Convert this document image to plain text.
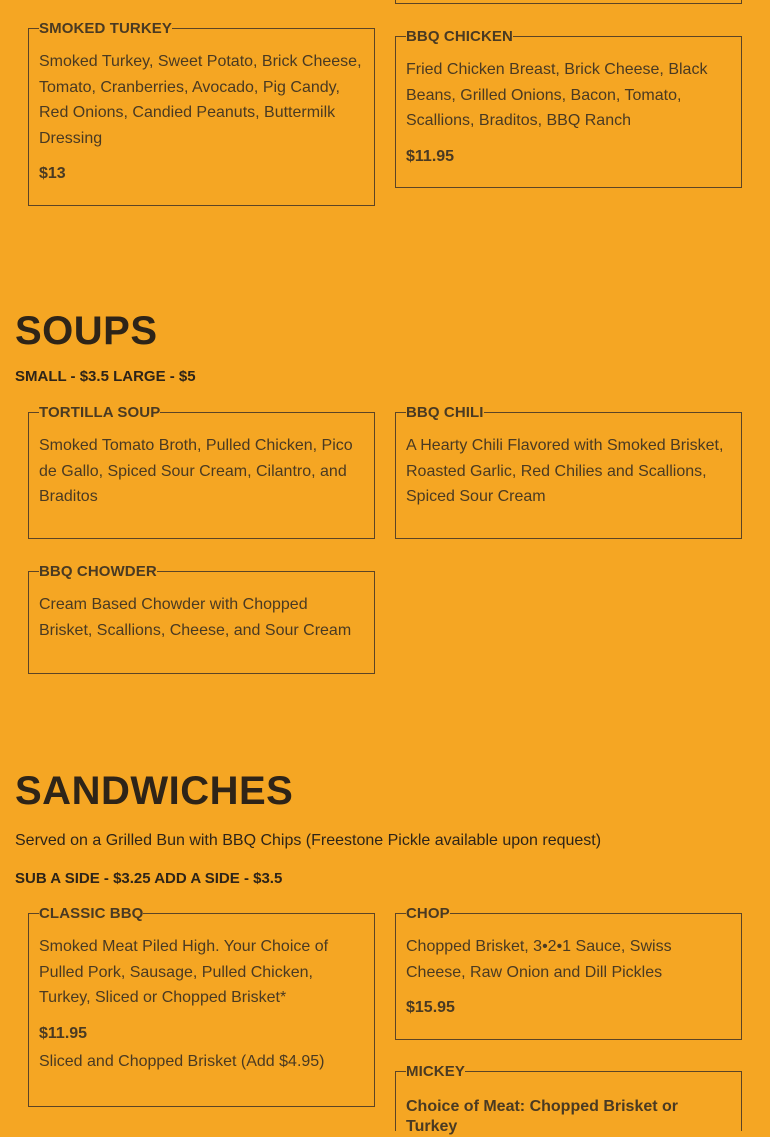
SMOKED TURKEY

Smoked Turkey, Sweet Potato, Brick Cheese, Tomato, Cranberries, Avocado, Pig Candy, Red Onions, Candied Peanuts, Buttermilk Dressing

$13
BBQ CHICKEN

Fried Chicken Breast, Brick Cheese, Black Beans, Grilled Onions, Bacon, Tomato, Scallions, Braditos, BBQ Ranch

$11.95
SOUPS
SMALL - $3.5 LARGE - $5
TORTILLA SOUP

Smoked Tomato Broth, Pulled Chicken, Pico de Gallo, Spiced Sour Cream, Cilantro, and Braditos

BBQ CHILI

A Hearty Chili Flavored with Smoked Brisket, Roasted Garlic, Red Chilies and Scallions, Spiced Sour Cream

BBQ CHOWDER

Cream Based Chowder with Chopped Brisket, Scallions, Cheese, and Sour Cream

SANDWICHES
Served on a Grilled Bun with BBQ Chips (Freestone Pickle available upon request)
SUB A SIDE - $3.25 ADD A SIDE - $3.5
CLASSIC BBQ

Smoked Meat Piled High. Your Choice of Pulled Pork, Sausage, Pulled Chicken, Turkey, Sliced or Chopped Brisket*

$11.95
Sliced and Chopped Brisket (Add $4.95)
CHOP

Chopped Brisket, 3•2•1 Sauce, Swiss Cheese, Raw Onion and Dill Pickles

$15.95
MICKEY
Choice of Meat: Chopped Brisket or Turkey
